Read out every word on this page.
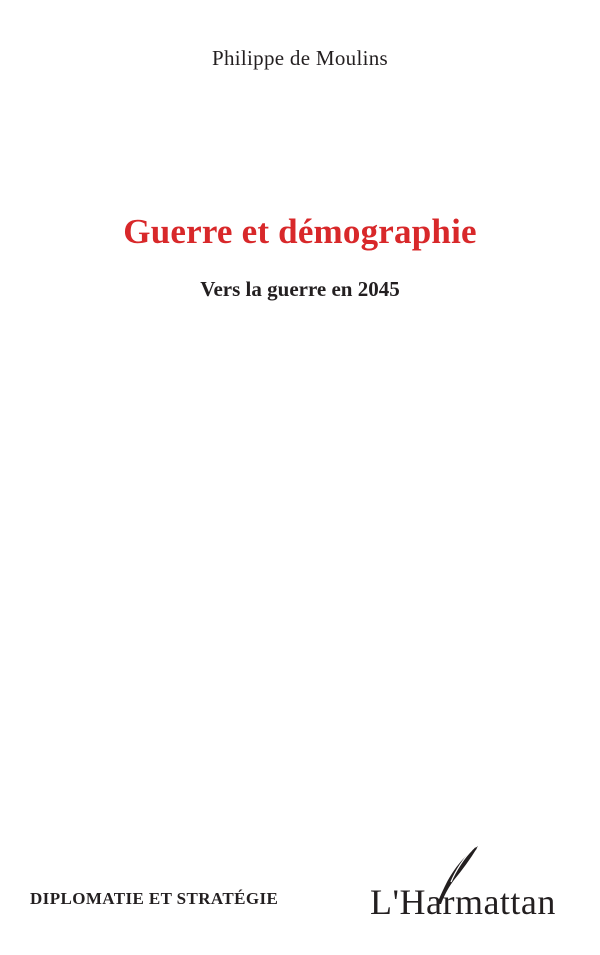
Philippe de Moulins
Guerre et démographie
Vers la guerre en 2045
DIPLOMATIE ET STRATÉGIE	L'Harmattan
